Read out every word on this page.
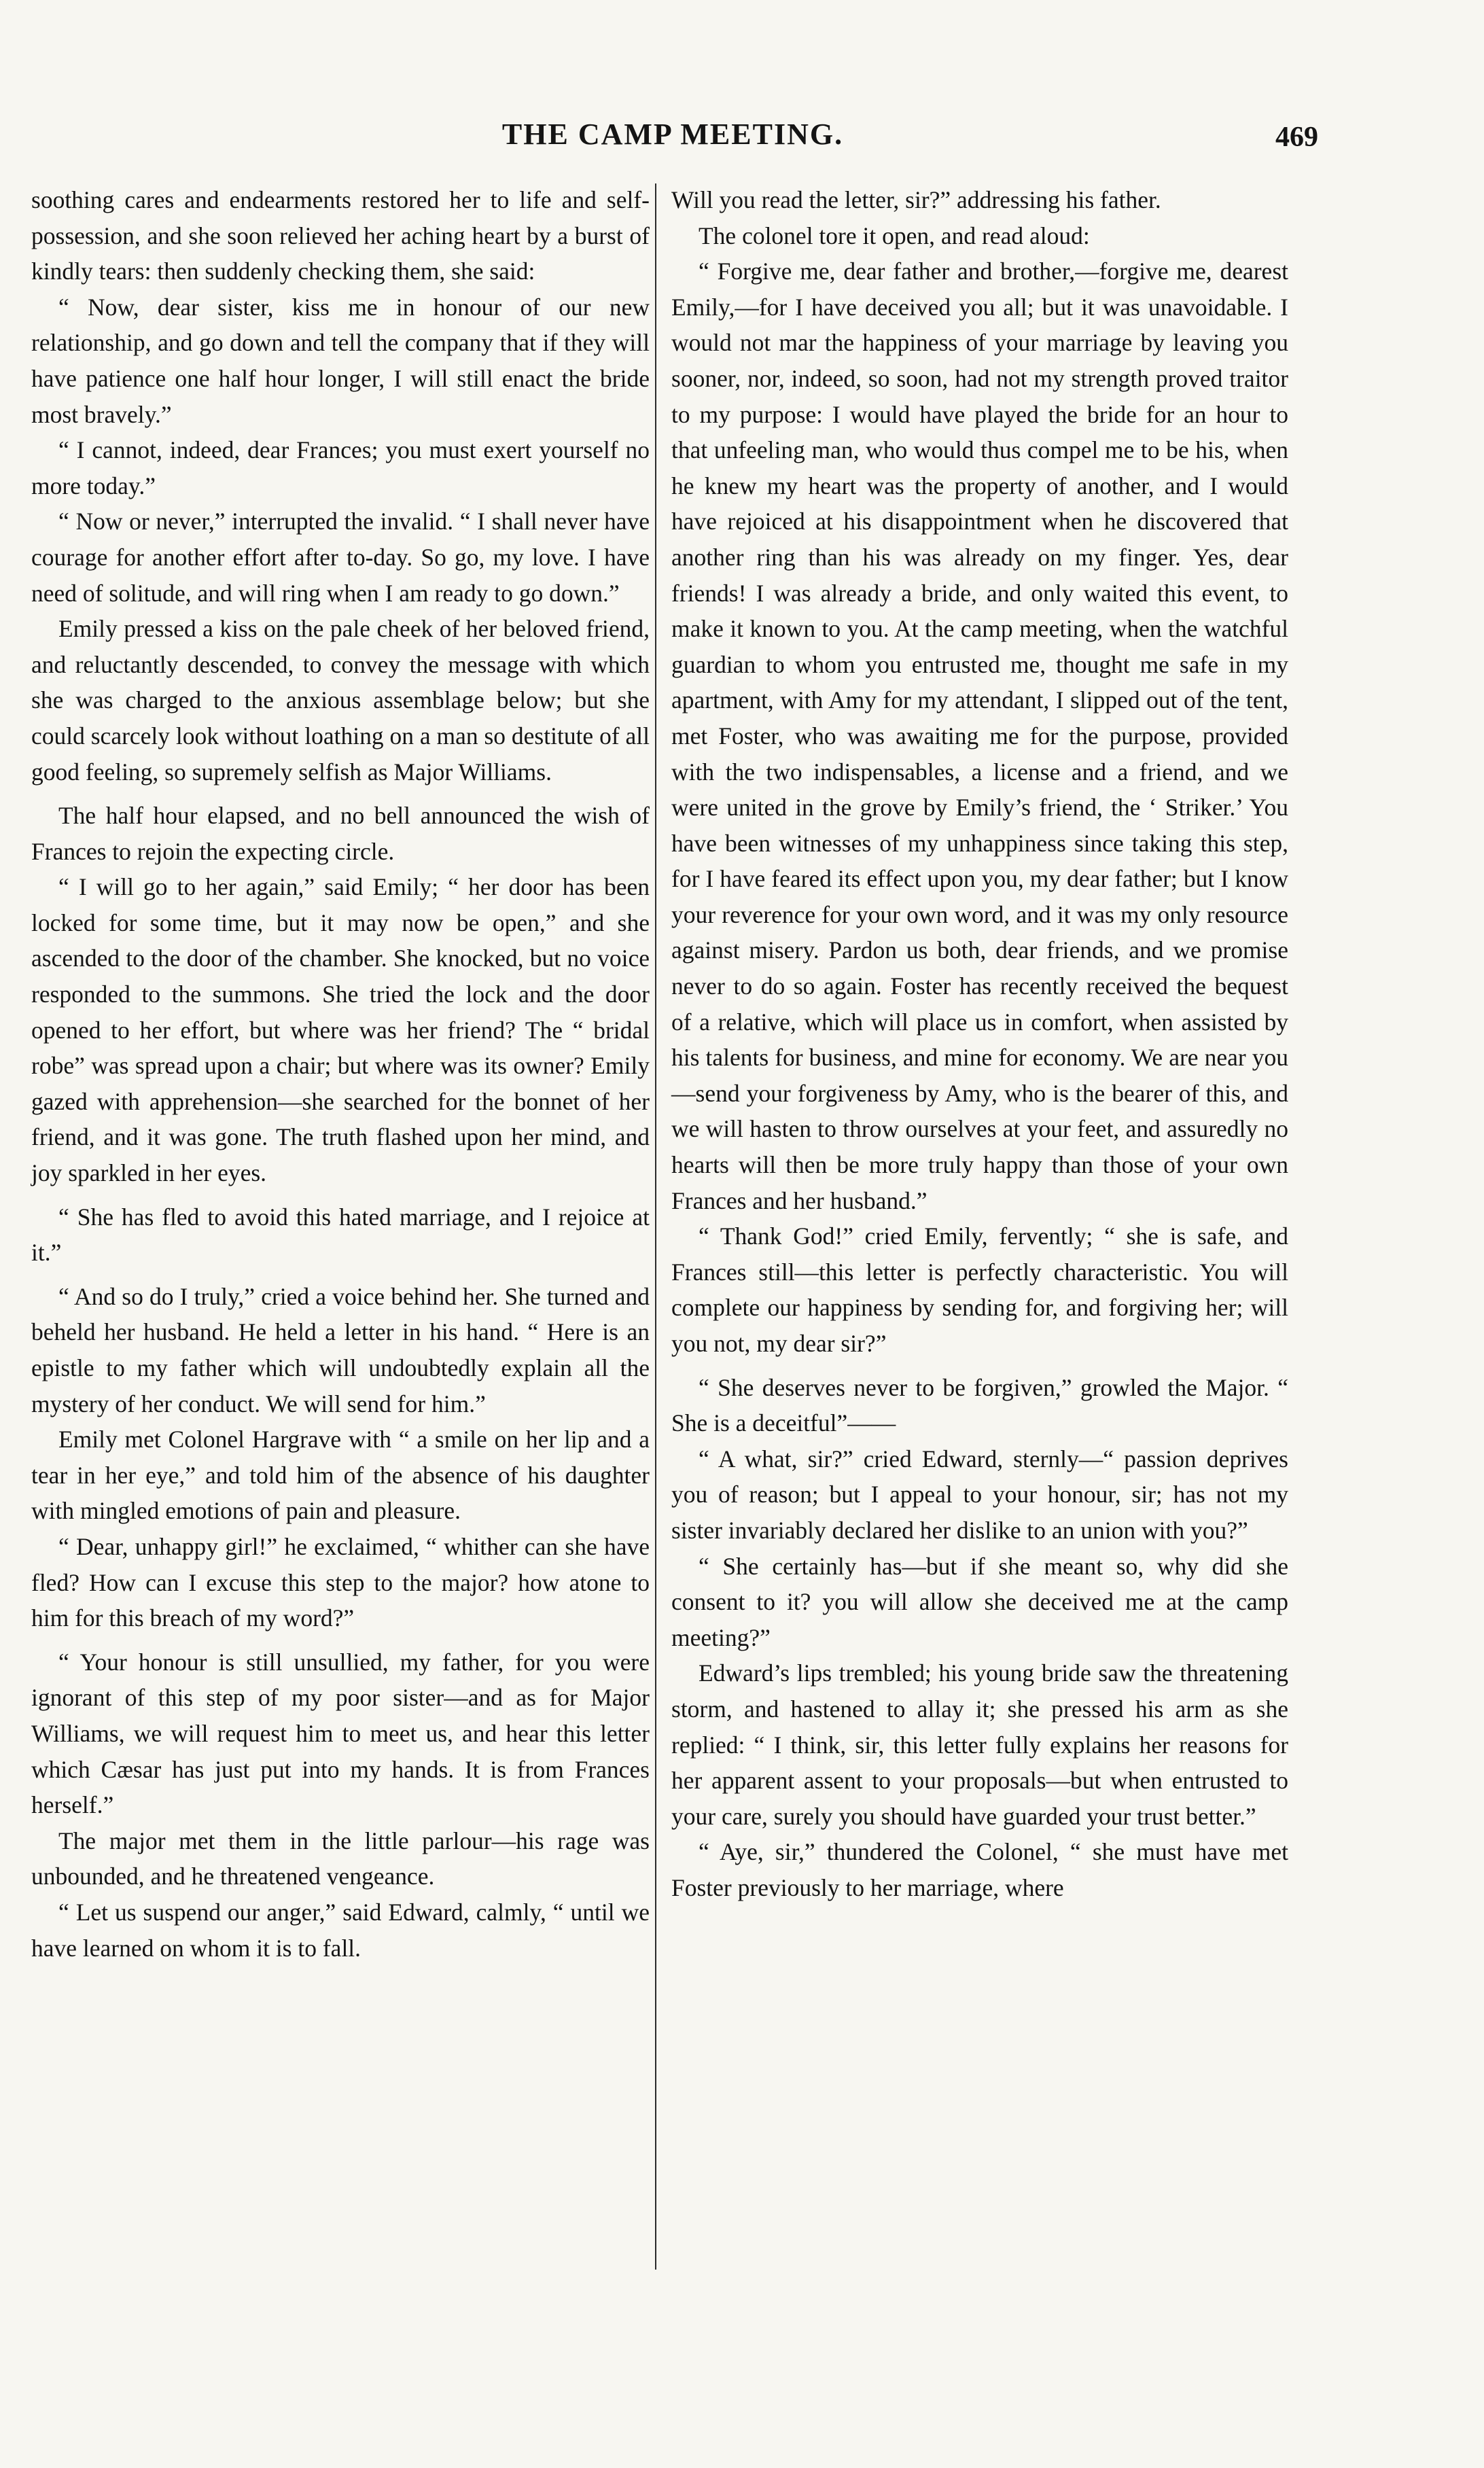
THE CAMP MEETING.	469

soothing cares and endearments restored her to life and self-possession, and she soon relieved her aching heart by a burst of kindly tears: then suddenly checking them, she said:

“ Now, dear sister, kiss me in honour of our new relationship, and go down and tell the company that if they will have patience one half hour longer, I will still enact the bride most bravely.”

“ I cannot, indeed, dear Frances; you must exert yourself no more today.”

“ Now or never,” interrupted the invalid. “ I shall never have courage for another effort after to-day. So go, my love. I have need of solitude, and will ring when I am ready to go down.”

Emily pressed a kiss on the pale cheek of her beloved friend, and reluctantly descended, to convey the message with which she was charged to the anxious assemblage below; but she could scarcely look without loathing on a man so destitute of all good feeling, so supremely selfish as Major Williams.

The half hour elapsed, and no bell announced the wish of Frances to rejoin the expecting circle.

“ I will go to her again,” said Emily; “ her door has been locked for some time, but it may now be open,” and she ascended to the door of the chamber. She knocked, but no voice responded to the summons. She tried the lock and the door opened to her effort, but where was her friend? The “ bridal robe” was spread upon a chair; but where was its owner? Emily gazed with apprehension—she searched for the bonnet of her friend, and it was gone. The truth flashed upon her mind, and joy sparkled in her eyes.

“ She has fled to avoid this hated marriage, and I rejoice at it.”

“ And so do I truly,” cried a voice behind her. She turned and beheld her husband. He held a letter in his hand. “ Here is an epistle to my father which will undoubtedly explain all the mystery of her conduct. We will send for him.”

Emily met Colonel Hargrave with “ a smile on her lip and a tear in her eye,” and told him of the absence of his daughter with mingled emotions of pain and pleasure.

“ Dear, unhappy girl!” he exclaimed, “ whither can she have fled? How can I excuse this step to the major? how atone to him for this breach of my word?”

“ Your honour is still unsullied, my father, for you were ignorant of this step of my poor sister—and as for Major Williams, we will request him to meet us, and hear this letter which Cæsar has just put into my hands. It is from Frances herself.”

The major met them in the little parlour—his rage was unbounded, and he threatened vengeance.

“ Let us suspend our anger,” said Edward, calmly, “ until we have learned on whom it is to fall.

Will you read the letter, sir?” addressing his father.

The colonel tore it open, and read aloud:

“ Forgive me, dear father and brother,—forgive me, dearest Emily,—for I have deceived you all; but it was unavoidable. I would not mar the happiness of your marriage by leaving you sooner, nor, indeed, so soon, had not my strength proved traitor to my purpose: I would have played the bride for an hour to that unfeeling man, who would thus compel me to be his, when he knew my heart was the property of another, and I would have rejoiced at his disappointment when he discovered that another ring than his was already on my finger. Yes, dear friends! I was already a bride, and only waited this event, to make it known to you. At the camp meeting, when the watchful guardian to whom you entrusted me, thought me safe in my apartment, with Amy for my attendant, I slipped out of the tent, met Foster, who was awaiting me for the purpose, provided with the two indispensables, a license and a friend, and we were united in the grove by Emily’s friend, the ‘ Striker.’ You have been witnesses of my unhappiness since taking this step, for I have feared its effect upon you, my dear father; but I know your reverence for your own word, and it was my only resource against misery. Pardon us both, dear friends, and we promise never to do so again. Foster has recently received the bequest of a relative, which will place us in comfort, when assisted by his talents for business, and mine for economy. We are near you—send your forgiveness by Amy, who is the bearer of this, and we will hasten to throw ourselves at your feet, and assuredly no hearts will then be more truly happy than those of your own Frances and her husband.”

“ Thank God!” cried Emily, fervently; “ she is safe, and Frances still—this letter is perfectly characteristic. You will complete our happiness by sending for, and forgiving her; will you not, my dear sir?”

“ She deserves never to be forgiven,” growled the Major. “ She is a deceitful”——

“ A what, sir?” cried Edward, sternly—“ passion deprives you of reason; but I appeal to your honour, sir; has not my sister invariably declared her dislike to an union with you?”

“ She certainly has—but if she meant so, why did she consent to it? you will allow she deceived me at the camp meeting?”

Edward’s lips trembled; his young bride saw the threatening storm, and hastened to allay it; she pressed his arm as she replied: “ I think, sir, this letter fully explains her reasons for her apparent assent to your proposals—but when entrusted to your care, surely you should have guarded your trust better.”

“ Aye, sir,” thundered the Colonel, “ she must have met Foster previously to her marriage, where
